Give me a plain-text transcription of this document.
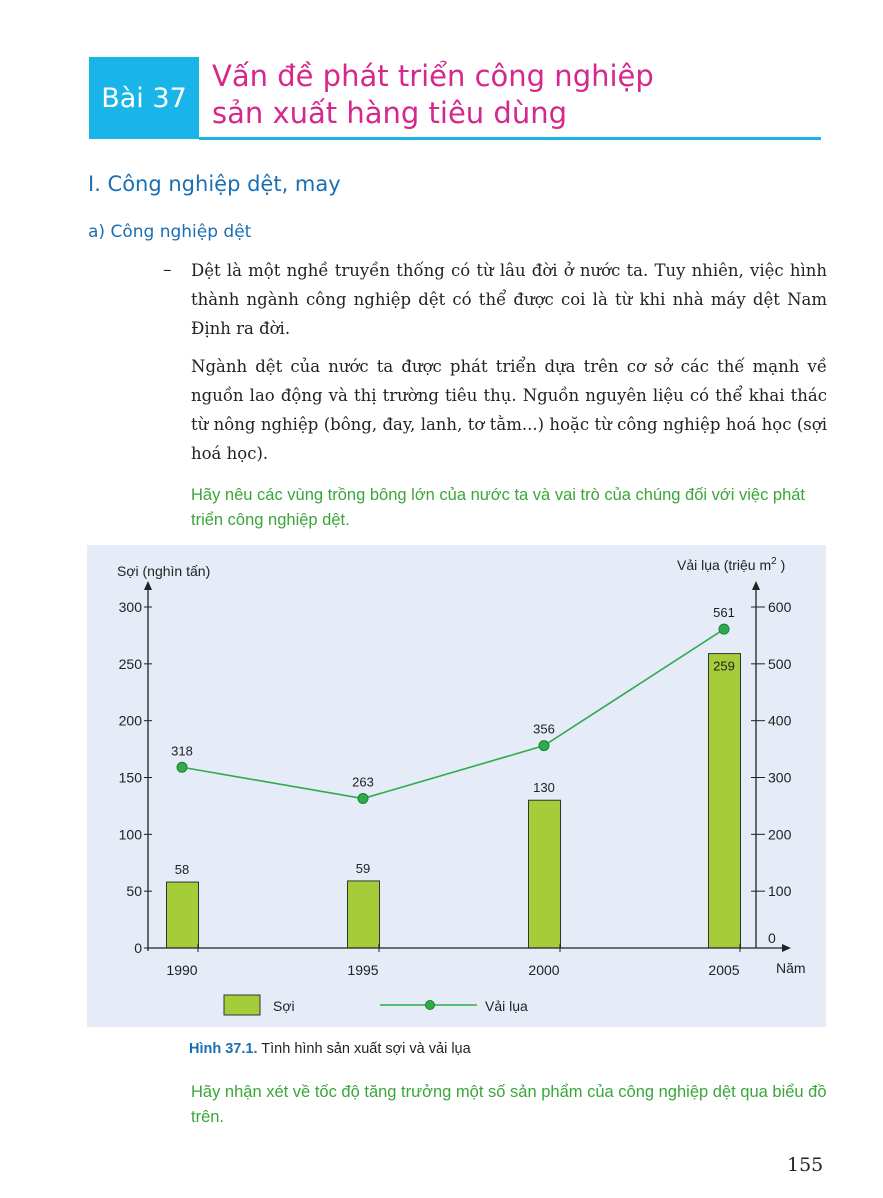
Bài 37
Vấn đề phát triển công nghiệp
sản xuất hàng tiêu dùng
I. Công nghiệp dệt, may
a) Công nghiệp dệt
– Dệt là một nghề truyền thống có từ lâu đời ở nước ta. Tuy nhiên, việc hình thành ngành công nghiệp dệt có thể được coi là từ khi nhà máy dệt Nam Định ra đời.
Ngành dệt của nước ta được phát triển dựa trên cơ sở các thế mạnh về nguồn lao động và thị trường tiêu thụ. Nguồn nguyên liệu có thể khai thác từ nông nghiệp (bông, đay, lanh, tơ tằm...) hoặc từ công nghiệp hoá học (sợi hoá học).
Hãy nêu các vùng trồng bông lớn của nước ta và vai trò của chúng đối với việc phát triển công nghiệp dệt.
0
50
100
150
200
250
300
0
100
200
300
400
500
600
1990	1995	2000	2005	Năm
Sợi (nghìn tấn)	Vải lụa (triệu $m^2$ )
58	59
130
259
318
263
356
561
Sợi	Vải lụa
Hình 37.1. Tình hình sản xuất sợi và vải lụa
Hãy nhận xét về tốc độ tăng trưởng một số sản phẩm của công nghiệp dệt qua biểu đồ trên.
155
